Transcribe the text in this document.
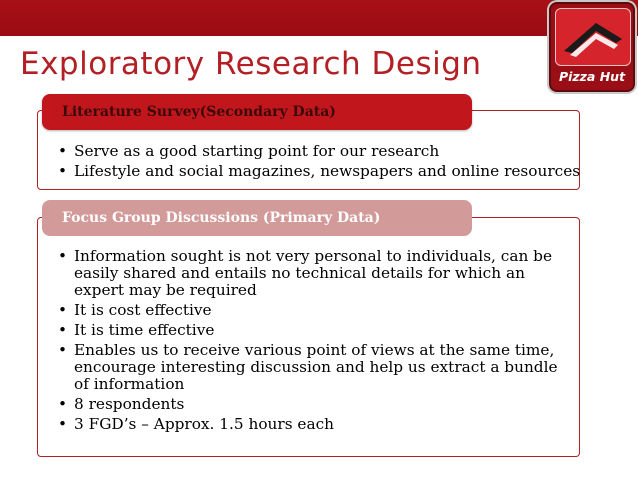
Exploratory Research Design	Pizza Hut
Literature Survey(Secondary Data)
• Serve as a good starting point for our research
• Lifestyle and social magazines, newspapers and online resources
Focus Group Discussions (Primary Data)
• Information sought is not very personal to individuals, can be easily shared and entails no technical details for which an expert may be required
• It is cost effective
• It is time effective
• Enables us to receive various point of views at the same time, encourage interesting discussion and help us extract a bundle of information
• 8 respondents
• 3 FGD’s – Approx. 1.5 hours each
